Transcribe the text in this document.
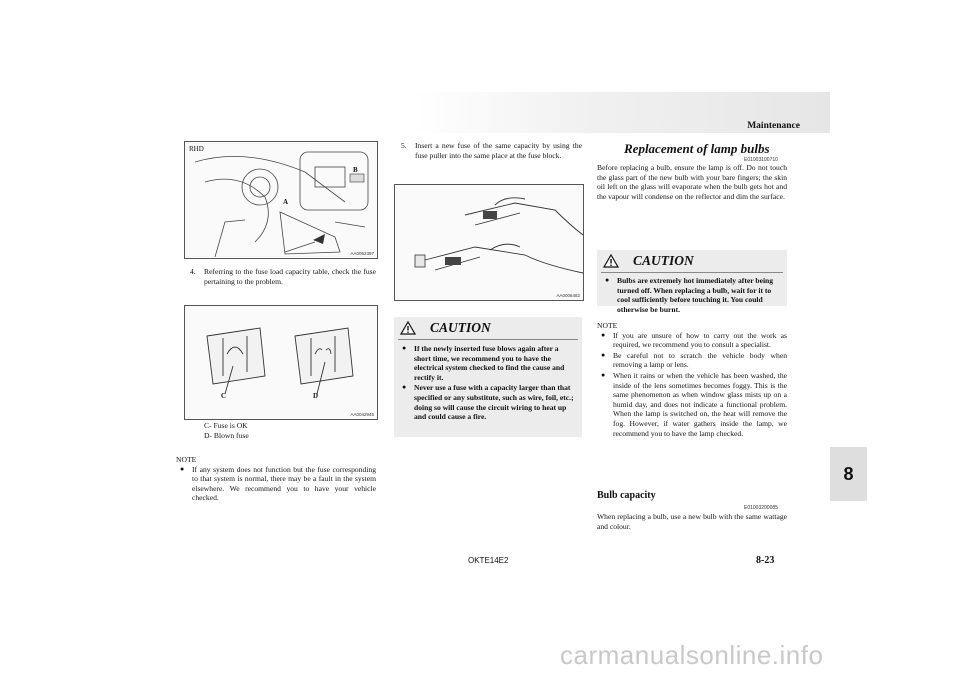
Maintenance
8
RHD
A
B
AA0052397
4.	Referring to the fuse load capacity table, check the fuse pertaining to the problem.
C	D
AA0042945
C- Fuse is OK
D- Blown fuse
NOTE
● If any system does not function but the fuse corresponding to that system is normal, there may be a fault in the system elsewhere. We recommend you to have your vehicle checked.
5.	Insert a new fuse of the same capacity by using the fuse puller into the same place at the fuse block.
AA0006482
CAUTION
● If the newly inserted fuse blows again after a short time, we recommend you to have the electrical system checked to find the cause and rectify it.
● Never use a fuse with a capacity larger than that specified or any substitute, such as wire, foil, etc.; doing so will cause the circuit wiring to heat up and could cause a fire.
Replacement of lamp bulbs
E01003100710
Before replacing a bulb, ensure the lamp is off. Do not touch the glass part of the new bulb with your bare fingers; the skin oil left on the glass will evaporate when the bulb gets hot and the vapour will condense on the reflector and dim the surface.
CAUTION
● Bulbs are extremely hot immediately after being turned off. When replacing a bulb, wait for it to cool sufficiently before touching it. You could otherwise be burnt.
NOTE
● If you are unsure of how to carry out the work as required, we recommend you to consult a specialist.
● Be careful not to scratch the vehicle body when removing a lamp or lens.
● When it rains or when the vehicle has been washed, the inside of the lens sometimes becomes foggy. This is the same phenomenon as when window glass mists up on a humid day, and does not indicate a functional problem. When the lamp is switched on, the heat will remove the fog. However, if water gathers inside the lamp, we recommend you to have the lamp checked.
Bulb capacity
E01003200085
When replacing a bulb, use a new bulb with the same wattage and colour.
OKTE14E2	8-23
carmanualsonline.info
